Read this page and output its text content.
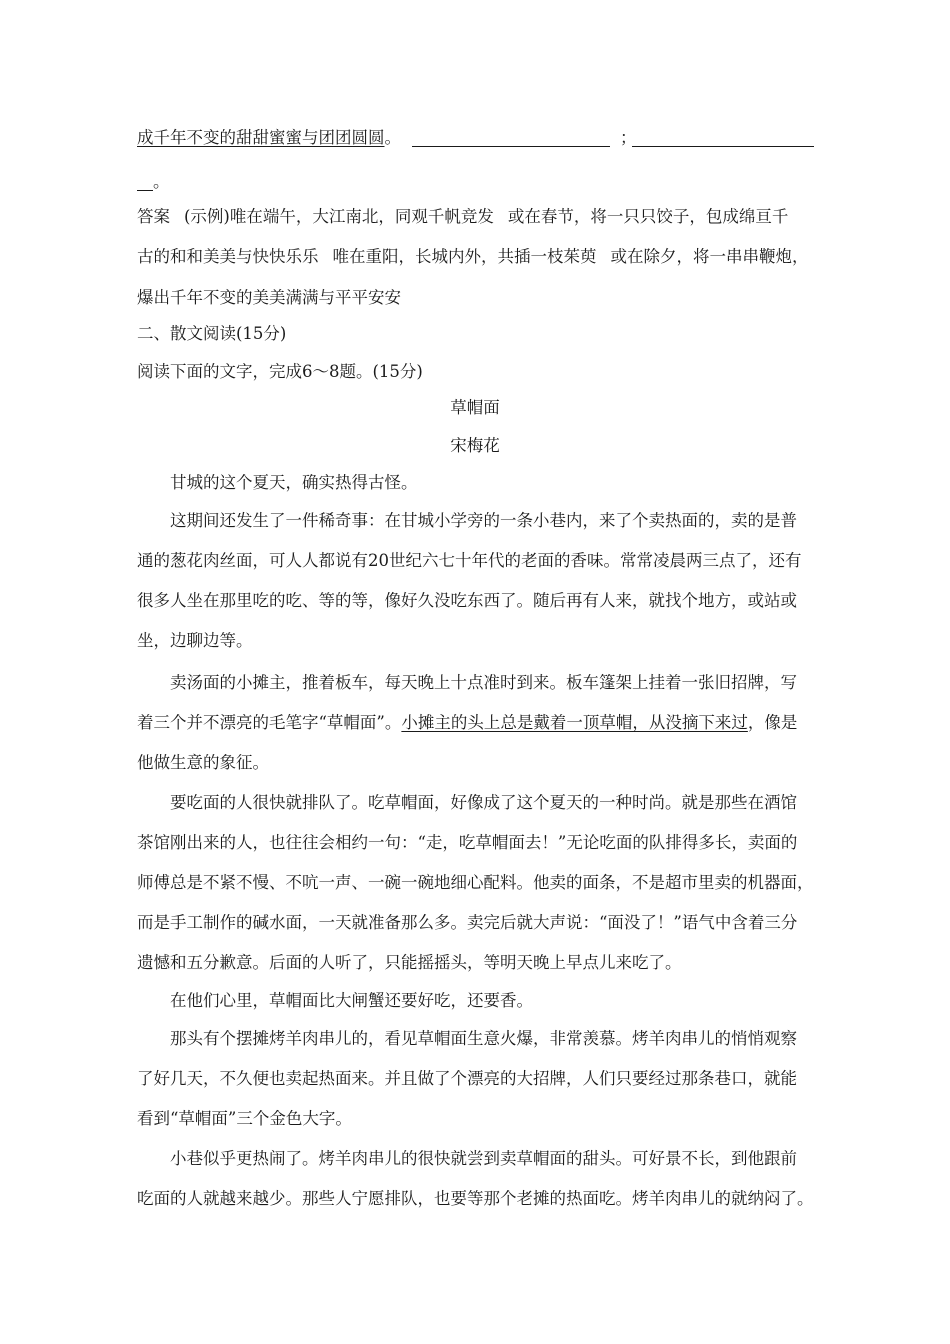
成千年不变的甜甜蜜蜜与团团圆圆。	；
。
答案 (示例)唯在端午，大江南北，同观千帆竞发 或在春节，将一只只饺子，包成绵亘千
古的和和美美与快快乐乐 唯在重阳，长城内外，共插一枝茱萸 或在除夕，将一串串鞭炮，
爆出千年不变的美美满满与平平安安
二、散文阅读(15分)
阅读下面的文字，完成6～8题。(15分)
草帽面
宋梅花
甘城的这个夏天，确实热得古怪。
这期间还发生了一件稀奇事：在甘城小学旁的一条小巷内，来了个卖热面的，卖的是普
通的葱花肉丝面，可人人都说有20世纪六七十年代的老面的香味。常常凌晨两三点了，还有
很多人坐在那里吃的吃、等的等，像好久没吃东西了。随后再有人来，就找个地方，或站或
坐，边聊边等。
卖汤面的小摊主，推着板车，每天晚上十点准时到来。板车篷架上挂着一张旧招牌，写
着三个并不漂亮的毛笔字“草帽面”。小摊主的头上总是戴着一顶草帽，从没摘下来过，像是
他做生意的象征。
要吃面的人很快就排队了。吃草帽面，好像成了这个夏天的一种时尚。就是那些在酒馆
茶馆刚出来的人，也往往会相约一句：“走，吃草帽面去！”无论吃面的队排得多长，卖面的
师傅总是不紧不慢、不吭一声、一碗一碗地细心配料。他卖的面条，不是超市里卖的机器面，
而是手工制作的碱水面，一天就准备那么多。卖完后就大声说：“面没了！”语气中含着三分
遗憾和五分歉意。后面的人听了，只能摇摇头，等明天晚上早点儿来吃了。
在他们心里，草帽面比大闸蟹还要好吃，还要香。
那头有个摆摊烤羊肉串儿的，看见草帽面生意火爆，非常羡慕。烤羊肉串儿的悄悄观察
了好几天，不久便也卖起热面来。并且做了个漂亮的大招牌，人们只要经过那条巷口，就能
看到“草帽面”三个金色大字。
小巷似乎更热闹了。烤羊肉串儿的很快就尝到卖草帽面的甜头。可好景不长，到他跟前
吃面的人就越来越少。那些人宁愿排队，也要等那个老摊的热面吃。烤羊肉串儿的就纳闷了。
